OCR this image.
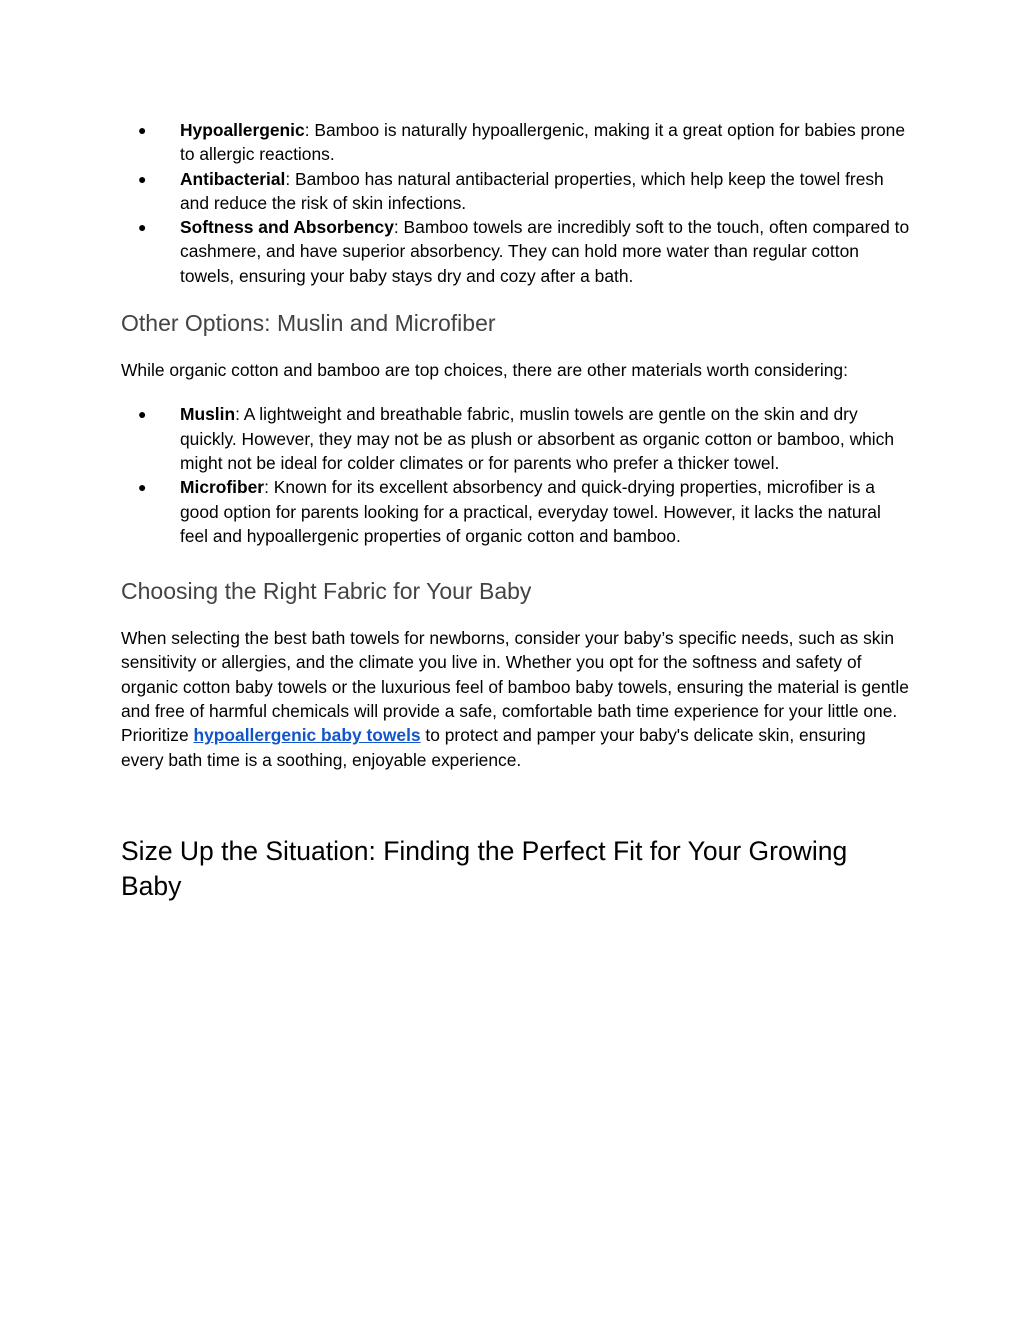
● Hypoallergenic: Bamboo is naturally hypoallergenic, making it a great option for babies prone to allergic reactions.
● Antibacterial: Bamboo has natural antibacterial properties, which help keep the towel fresh and reduce the risk of skin infections.
● Softness and Absorbency: Bamboo towels are incredibly soft to the touch, often compared to cashmere, and have superior absorbency. They can hold more water than regular cotton towels, ensuring your baby stays dry and cozy after a bath.
Other Options: Muslin and Microfiber

While organic cotton and bamboo are top choices, there are other materials worth considering:

● Muslin: A lightweight and breathable fabric, muslin towels are gentle on the skin and dry quickly. However, they may not be as plush or absorbent as organic cotton or bamboo, which might not be ideal for colder climates or for parents who prefer a thicker towel.
● Microfiber: Known for its excellent absorbency and quick-drying properties, microfiber is a good option for parents looking for a practical, everyday towel. However, it lacks the natural feel and hypoallergenic properties of organic cotton and bamboo.
Choosing the Right Fabric for Your Baby

When selecting the best bath towels for newborns, consider your baby’s specific needs, such as skin sensitivity or allergies, and the climate you live in. Whether you opt for the softness and safety of organic cotton baby towels or the luxurious feel of bamboo baby towels, ensuring the material is gentle and free of harmful chemicals will provide a safe, comfortable bath time experience for your little one. Prioritize hypoallergenic baby towels to protect and pamper your baby's delicate skin, ensuring every bath time is a soothing, enjoyable experience.

Size Up the Situation: Finding the Perfect Fit for Your Growing Baby
